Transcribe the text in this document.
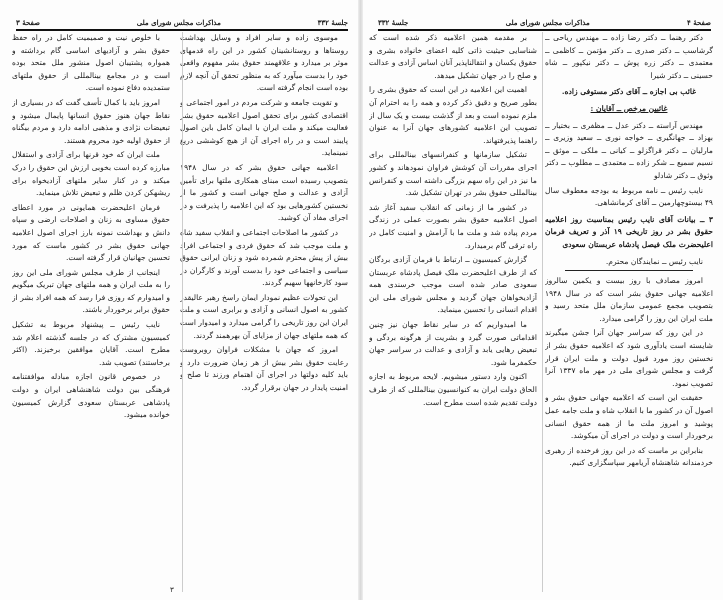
جلسهٔ ۳۳۲
مذاکرات مجلس شورای ملی
صفحهٔ ۳

موسوی زاده و سایر افراد و وسایل بهداشت روستاها و روستانشینان کشور در این راه قدمهای موثر بر میدارد و علاقهمند حقوق بشر مفهوم واقعی خود را بدست میآورد که به منظور تحقق آن آنچه لازم بوده است انجام گرفته است.

و تقویت جامعه و شرکت مردم در امور اجتماعی و اقتصادی کشور برای تحقق اصول اعلامیه حقوق بشر فعالیت میکند و ملت ایران با ایمان کامل باین اصول پایبند است و در راه اجرای آن از هیچ کوششی دریغ نمینماید.

اعلامیه جهانی حقوق بشر که در سال ۱۹۴۸ بتصویب رسیده است مبنای همکاری ملتها برای تأمین آزادی و عدالت و صلح جهانی است و کشور ما از نخستین کشورهایی بود که این اعلامیه را پذیرفت و در اجرای مفاد آن کوشید.

در کشور ما اصلاحات اجتماعی و انقلاب سفید شاه و ملت موجب شد که حقوق فردی و اجتماعی افراد بیش از پیش محترم شمرده شود و زنان ایرانی حقوق سیاسی و اجتماعی خود را بدست آورند و کارگران در سود کارخانهها سهیم گردند.

این تحولات عظیم نمودار ایمان راسخ رهبر عالیقدر کشور به اصول انسانی و آزادی و برابری است و ملت ایران این روز تاریخی را گرامی میدارد و امیدوار است که همه ملتهای جهان از مزایای آن بهرهمند گردند.

امروز که جهان با مشکلات فراوان روبروست رعایت حقوق بشر بیش از هر زمان ضرورت دارد و باید کلیه دولتها در اجرای آن اهتمام ورزند تا صلح و امنیت پایدار در جهان برقرار گردد.

با خلوص نیت و صمیمیت کامل در راه حفظ حقوق بشر و آزادیهای اساسی گام برداشته و همواره پشتیبان اصول منشور ملل متحد بوده است و در مجامع بینالمللی از حقوق ملتهای ستمدیده دفاع نموده است.

امروز باید با کمال تأسف گفت که در بسیاری از نقاط جهان هنوز حقوق انسانها پایمال میشود و تبعیضات نژادی و مذهبی ادامه دارد و مردم بیگناه از حقوق اولیه خود محروم هستند.

ملت ایران که خود قرنها برای آزادی و استقلال مبارزه کرده است بخوبی ارزش این حقوق را درک میکند و در کنار سایر ملتهای آزادیخواه برای ریشهکن کردن ظلم و تبعیض تلاش مینماید.

فرمان اعلیحضرت همایونی در مورد اعطای حقوق مساوی به زنان و اصلاحات ارضی و سپاه دانش و بهداشت نمونه بارز اجرای اصول اعلامیه جهانی حقوق بشر در کشور ماست که مورد تحسین جهانیان قرار گرفته است.

اینجانب از طرف مجلس شورای ملی این روز را به ملت ایران و همه ملتهای جهان تبریک میگویم و امیدوارم که روزی فرا رسد که همه افراد بشر از حقوق برابر برخوردار باشند.

نایب رئیس ــ پیشنهاد مربوط به تشکیل کمیسیون مشترک که در جلسه گذشته اعلام شد مطرح است. آقایان موافقین برخیزند. (اکثر برخاستند) تصویب شد.

در خصوص قانون اجازه مبادله موافقتنامه فرهنگی بین دولت شاهنشاهی ایران و دولت پادشاهی عربستان سعودی گزارش کمیسیون خوانده میشود.

۳
صفحهٔ ۴
مذاکرات مجلس شورای ملی
جلسهٔ ۳۳۲

دکتر رهنما ــ دکتر رضا زاده ــ مهندس ریاحی ــ گرشاسب ــ دکتر صدری ــ دکتر مؤتمن ــ کاظمی ــ معتمدی ــ دکتر زره پوش ــ دکتر نیکپور ــ شاه حسینی ــ دکتر شیرا

غائب بی اجازه ــ آقای دکتر مستوفی زاده.
غائبین مرخص ــ آقایان :

مهندس آراسته ــ دکتر عدل ــ مظفری ــ بختیار ــ بهزاد ــ جهانگیری ــ خواجه نوری ــ سعید وزیری ــ مارلیان ــ دکتر قراگزلو ــ کیانی ــ ملکی ــ موثق ــ نسیم سمیع ــ شکر زاده ــ معتمدی ــ مطلوب ــ دکتر وثوق ــ دکتر شادلو

نایب رئیس ــ نامه مربوط به بودجه معطوف سال ۴۹ بیستوچهارمین ــ آقای کرمانشاهی.

۳ ــ بیانات آقای نایب رئیس بمناسبت روز اعلامیه حقوق بشر در روز تاریخی ۱۹ آذر و تعریف فرمان اعلیحضرت ملک فیصل پادشاه عربستان سعودی

نایب رئیس ــ نمایندگان محترم.

امروز مصادف با روز بیست و یکمین سالروز اعلامیه جهانی حقوق بشر است که در سال ۱۹۴۸ بتصویب مجمع عمومی سازمان ملل متحد رسید و ملت ایران این روز را گرامی میدارد.

در این روز که سراسر جهان آنرا جشن میگیرند شایسته است یادآوری شود که اعلامیه حقوق بشر از نخستین روز مورد قبول دولت و ملت ایران قرار گرفت و مجلس شورای ملی در مهر ماه ۱۳۳۷ آنرا تصویب نمود.

حقیقت این است که اعلامیه جهانی حقوق بشر و اصول آن در کشور ما با انقلاب شاه و ملت جامه عمل پوشید و امروز ملت ما از همه حقوق انسانی برخوردار است و دولت در اجرای آن میکوشد.

بنابراین بر ماست که در این روز فرخنده از رهبری خردمندانه شاهنشاه آریامهر سپاسگزاری کنیم.

بر مقدمه همین اعلامیه ذکر شده است که شناسایی حیثیت ذاتی کلیه اعضای خانواده بشری و حقوق یکسان و انتقالناپذیر آنان اساس آزادی و عدالت و صلح را در جهان تشکیل میدهد.

اهمیت این اعلامیه در این است که حقوق بشری را بطور صریح و دقیق ذکر کرده و همه را به احترام آن ملزم نموده است و بعد از گذشت بیست و یک سال از تصویب این اعلامیه کشورهای جهان آنرا به عنوان راهنما پذیرفتهاند.

تشکیل سازمانها و کنفرانسهای بینالمللی برای اجرای مقررات آن کوشش فراوان نمودهاند و کشور ما نیز در این راه سهم بزرگی داشته است و کنفرانس بینالمللی حقوق بشر در تهران تشکیل شد.

در کشور ما از زمانی که انقلاب سفید آغاز شد اصول اعلامیه حقوق بشر بصورت عملی در زندگی مردم پیاده شد و ملت ما با آرامش و امنیت کامل در راه ترقی گام برمیدارد.

گزارش کمیسیون ــ ارتباط با فرمان آزادی بردگان که از طرف اعلیحضرت ملک فیصل پادشاه عربستان سعودی صادر شده است موجب خرسندی همه آزادیخواهان جهان گردید و مجلس شورای ملی این اقدام انسانی را تحسین مینماید.

ما امیدواریم که در سایر نقاط جهان نیز چنین اقداماتی صورت گیرد و بشریت از هرگونه بردگی و تبعیض رهایی یابد و آزادی و عدالت در سراسر جهان حکمفرما شود.

اکنون وارد دستور میشویم. لایحه مربوط به اجازه الحاق دولت ایران به کنوانسیون بینالمللی که از طرف دولت تقدیم شده است مطرح است.
